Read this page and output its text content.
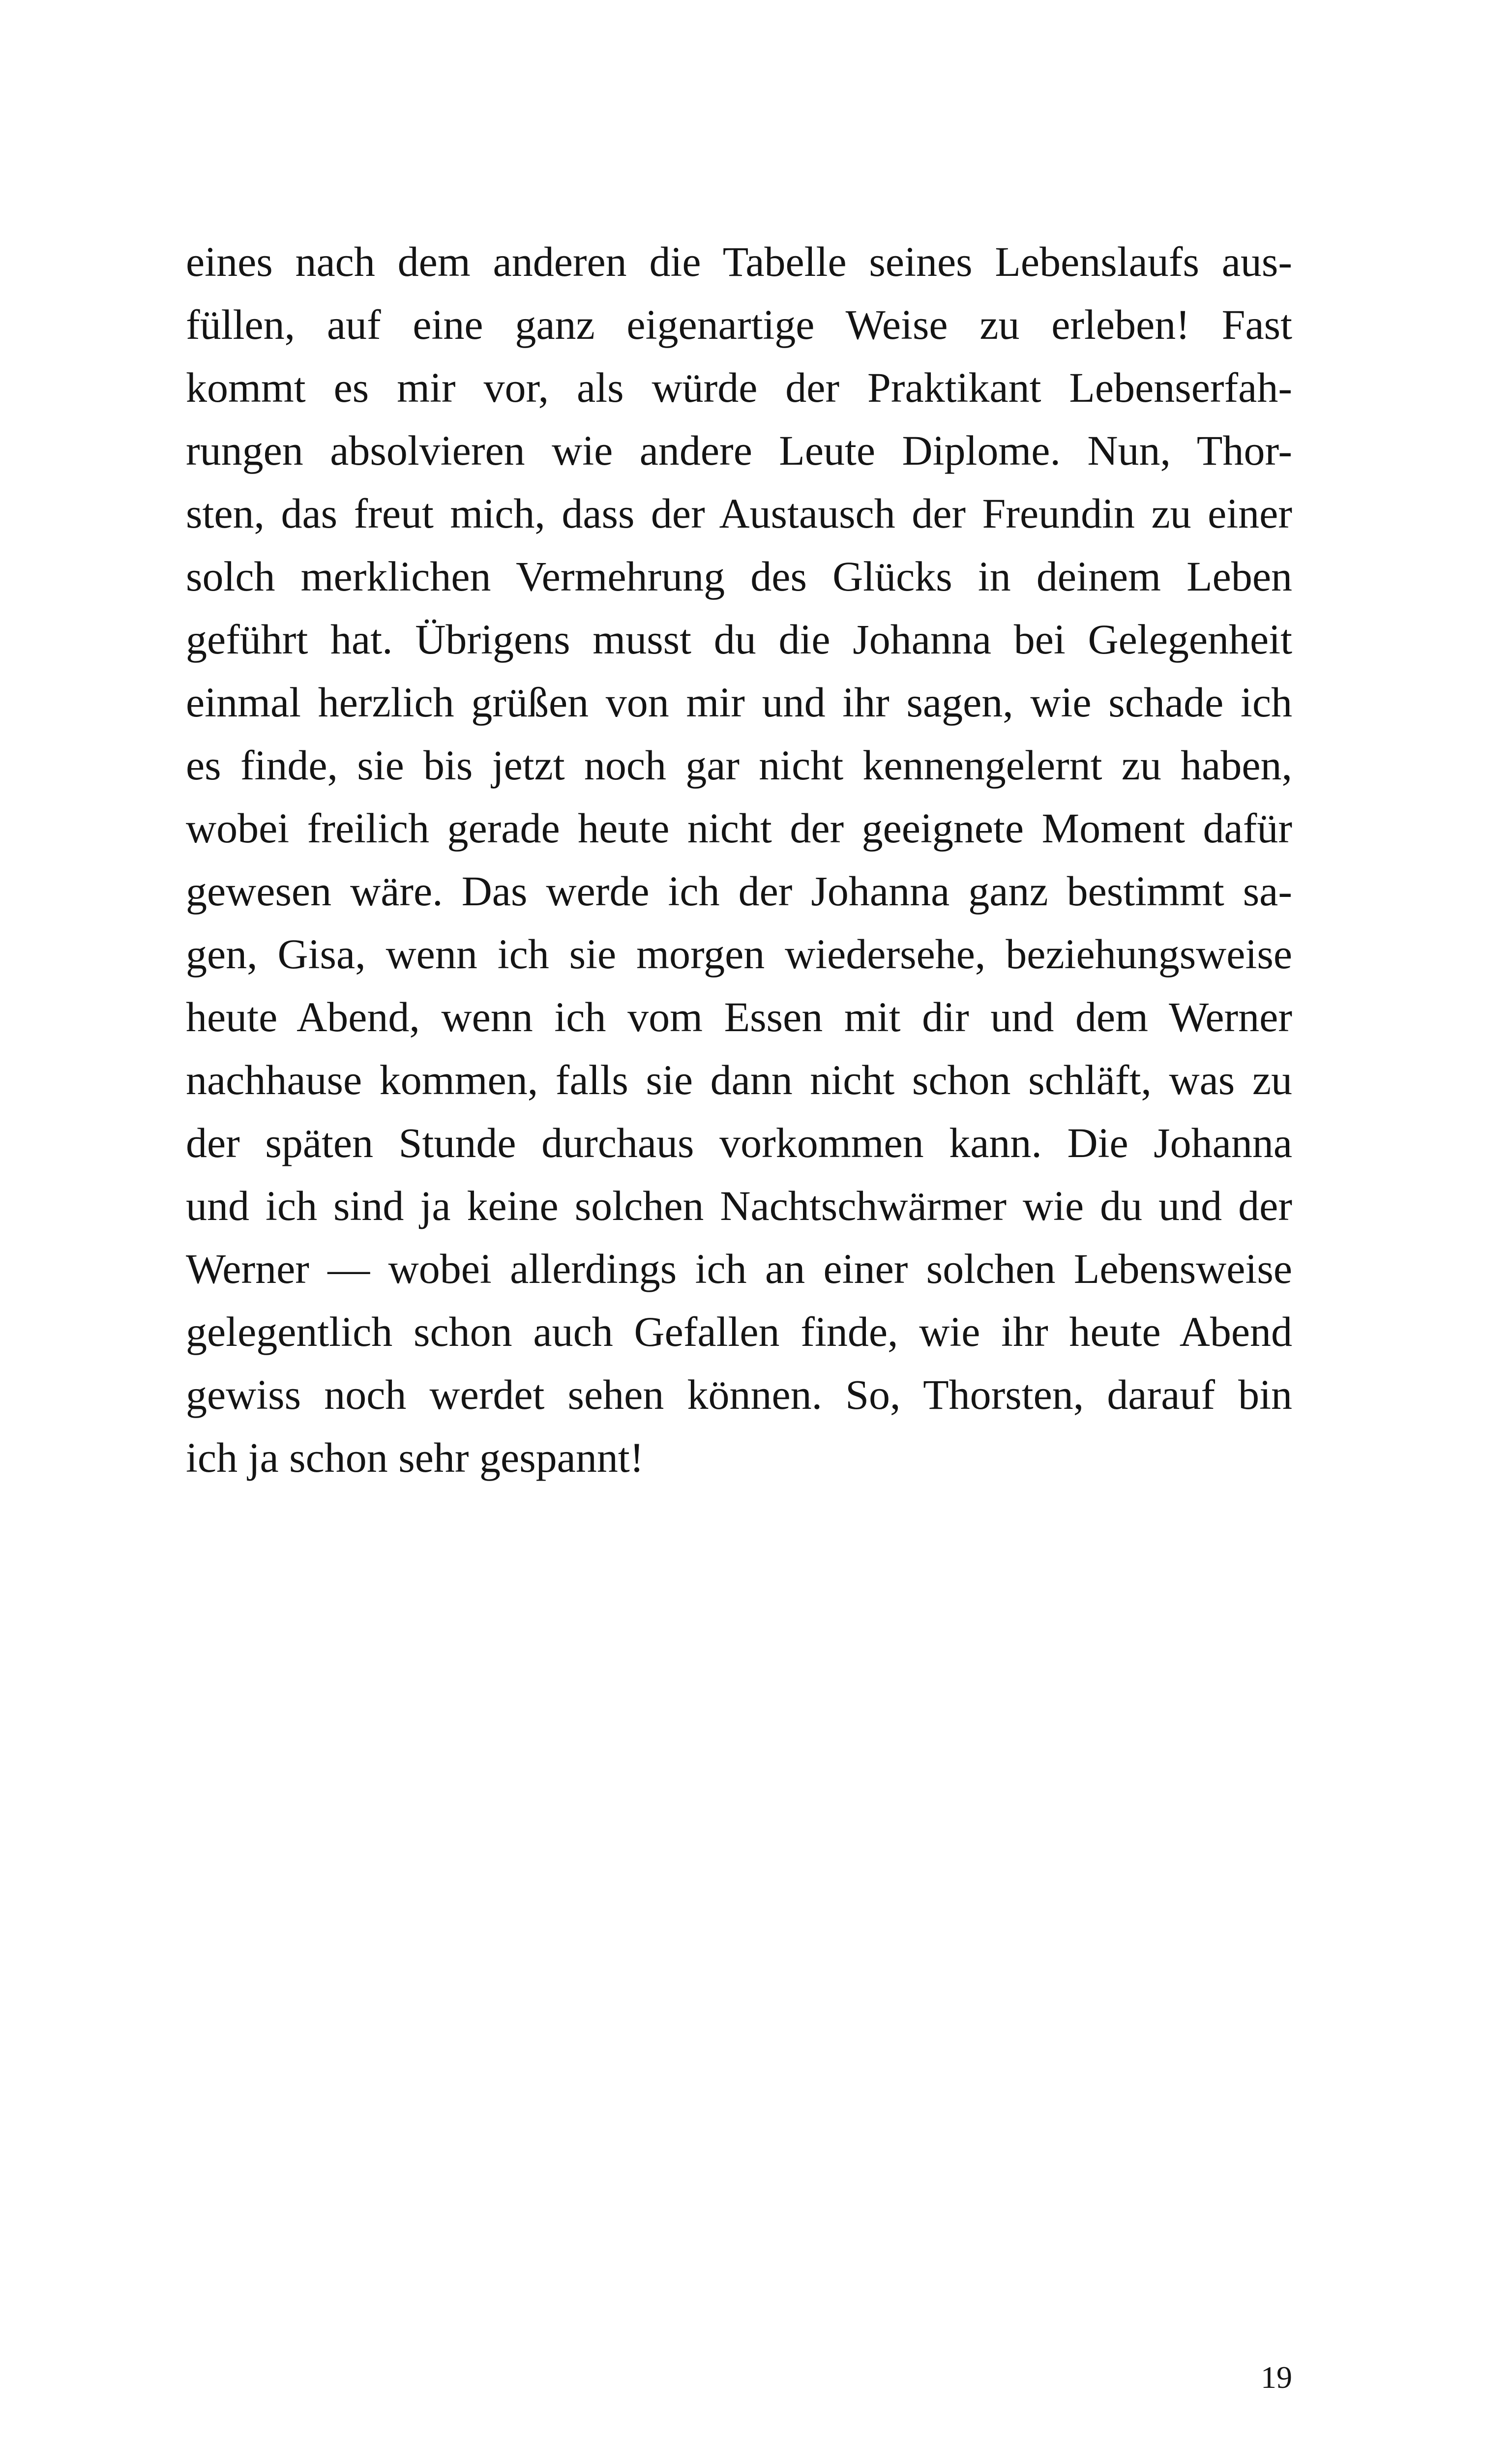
eines nach dem anderen die Tabelle seines Lebenslaufs aus-
füllen, auf eine ganz eigenartige Weise zu erleben! Fast
kommt es mir vor, als würde der Praktikant Lebenserfah-
rungen absolvieren wie andere Leute Diplome. Nun, Thor-
sten, das freut mich, dass der Austausch der Freundin zu einer
solch merklichen Vermehrung des Glücks in deinem Leben
geführt hat. Übrigens musst du die Johanna bei Gelegenheit
einmal herzlich grüßen von mir und ihr sagen, wie schade ich
es finde, sie bis jetzt noch gar nicht kennengelernt zu haben,
wobei freilich gerade heute nicht der geeignete Moment dafür
gewesen wäre. Das werde ich der Johanna ganz bestimmt sa-
gen, Gisa, wenn ich sie morgen wiedersehe, beziehungsweise
heute Abend, wenn ich vom Essen mit dir und dem Werner
nachhause kommen, falls sie dann nicht schon schläft, was zu
der späten Stunde durchaus vorkommen kann. Die Johanna
und ich sind ja keine solchen Nachtschwärmer wie du und der
Werner — wobei allerdings ich an einer solchen Lebensweise
gelegentlich schon auch Gefallen finde, wie ihr heute Abend
gewiss noch werdet sehen können. So, Thorsten, darauf bin
ich ja schon sehr gespannt!
19
